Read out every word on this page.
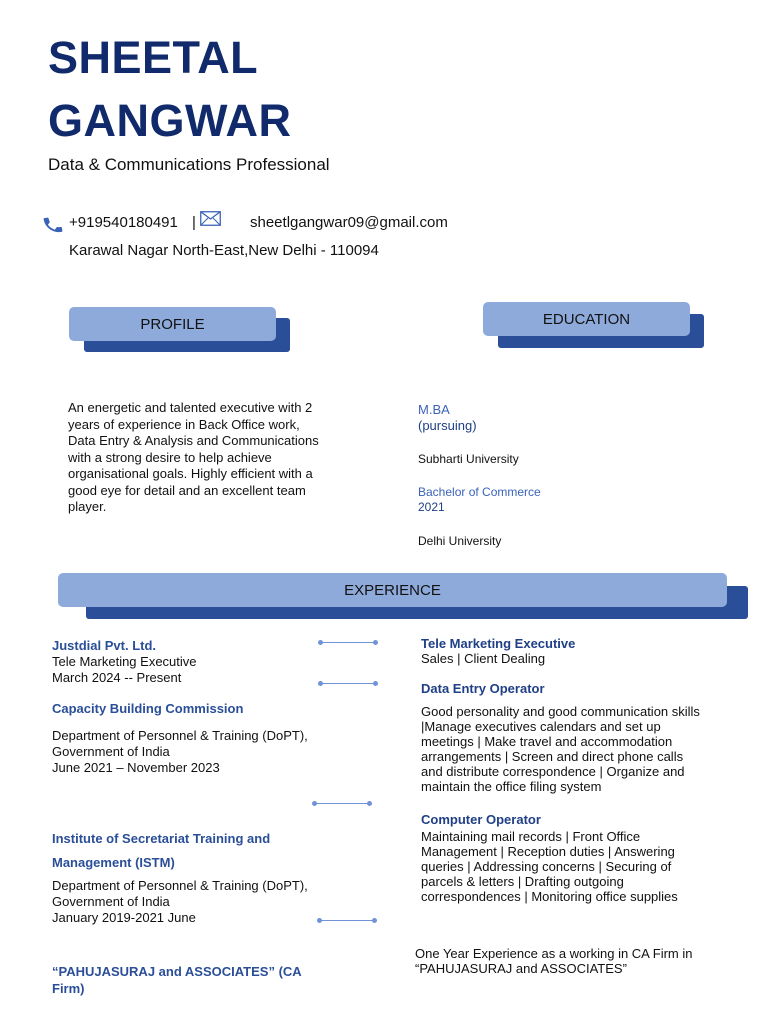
SHEETAL
GANGWAR
Data & Communications Professional
+919540180491 |	sheetlgangwar09@gmail.com
Karawal Nagar North-East,New Delhi - 110094
PROFILE	EDUCATION
An energetic and talented executive with 2 years of experience in Back Office work, Data Entry & Analysis and Communications with a strong desire to help achieve organisational goals. Highly efficient with a good eye for detail and an excellent team player.
M.BA
(pursuing)
Subharti University
Bachelor of Commerce
2021
Delhi University
EXPERIENCE
Justdial Pvt. Ltd.
Tele Marketing Executive
March 2024 -- Present
Capacity Building Commission
Department of Personnel & Training (DoPT),
Government of India
June 2021 – November 2023
Institute of Secretariat Training and
Management (ISTM)
Department of Personnel & Training (DoPT),
Government of India
January 2019-2021 June
“PAHUJASURAJ and ASSOCIATES” (CA
Firm)
Tele Marketing Executive
Sales | Client Dealing
Data Entry Operator
Good personality and good communication skills
|Manage executives calendars and set up
meetings | Make travel and accommodation
arrangements | Screen and direct phone calls
and distribute correspondence | Organize and
maintain the office filing system
Computer Operator
Maintaining mail records | Front Office
Management | Reception duties | Answering
queries | Addressing concerns | Securing of
parcels & letters | Drafting outgoing
correspondences | Monitoring office supplies
One Year Experience as a working in CA Firm in
“PAHUJASURAJ and ASSOCIATES”
